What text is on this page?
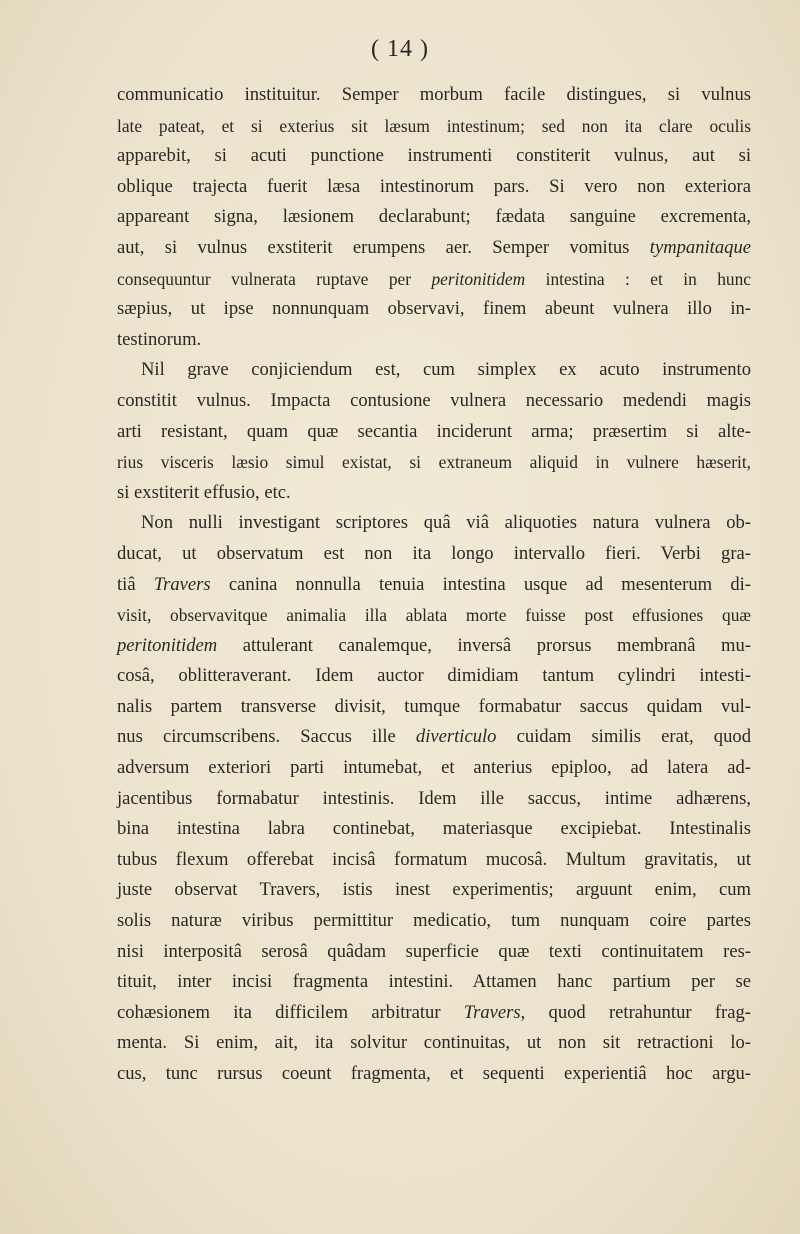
( 14 )
communicatio instituitur. Semper morbum facile distingues, si vulnus
late pateat, et si exterius sit læsum intestinum; sed non ita clare oculis
apparebit, si acuti punctione instrumenti constiterit vulnus, aut si
oblique trajecta fuerit læsa intestinorum pars. Si vero non exteriora
appareant signa, læsionem declarabunt; fædata sanguine excrementa,
aut, si vulnus exstiterit erumpens aer. Semper vomitus tympanitaque
consequuntur vulnerata ruptave per peritonitidem intestina : et in hunc
sæpius, ut ipse nonnunquam observavi, finem abeunt vulnera illo in-
testinorum.
Nil grave conjiciendum est, cum simplex ex acuto instrumento
constitit vulnus. Impacta contusione vulnera necessario medendi magis
arti resistant, quam quæ secantia inciderunt arma; præsertim si alte-
rius visceris læsio simul existat, si extraneum aliquid in vulnere hæserit,
si exstiterit effusio, etc.
Non nulli investigant scriptores quâ viâ aliquoties natura vulnera ob-
ducat, ut observatum est non ita longo intervallo fieri. Verbi gra-
tiâ Travers canina nonnulla tenuia intestina usque ad mesenterum di-
visit, observavitque animalia illa ablata morte fuisse post effusiones quæ
peritonitidem attulerant canalemque, inversâ prorsus membranâ mu-
cosâ, oblitteraverant. Idem auctor dimidiam tantum cylindri intesti-
nalis partem transverse divisit, tumque formabatur saccus quidam vul-
nus circumscribens. Saccus ille diverticulo cuidam similis erat, quod
adversum exteriori parti intumebat, et anterius epiploo, ad latera ad-
jacentibus formabatur intestinis. Idem ille saccus, intime adhærens,
bina intestina labra continebat, materiasque excipiebat. Intestinalis
tubus flexum offerebat incisâ formatum mucosâ. Multum gravitatis, ut
juste observat Travers, istis inest experimentis; arguunt enim, cum
solis naturæ viribus permittitur medicatio, tum nunquam coire partes
nisi interpositâ serosâ quâdam superficie quæ texti continuitatem res-
tituit, inter incisi fragmenta intestini. Attamen hanc partium per se
cohæsionem ita difficilem arbitratur Travers, quod retrahuntur frag-
menta. Si enim, ait, ita solvitur continuitas, ut non sit retractioni lo-
cus, tunc rursus coeunt fragmenta, et sequenti experientiâ hoc argu-
